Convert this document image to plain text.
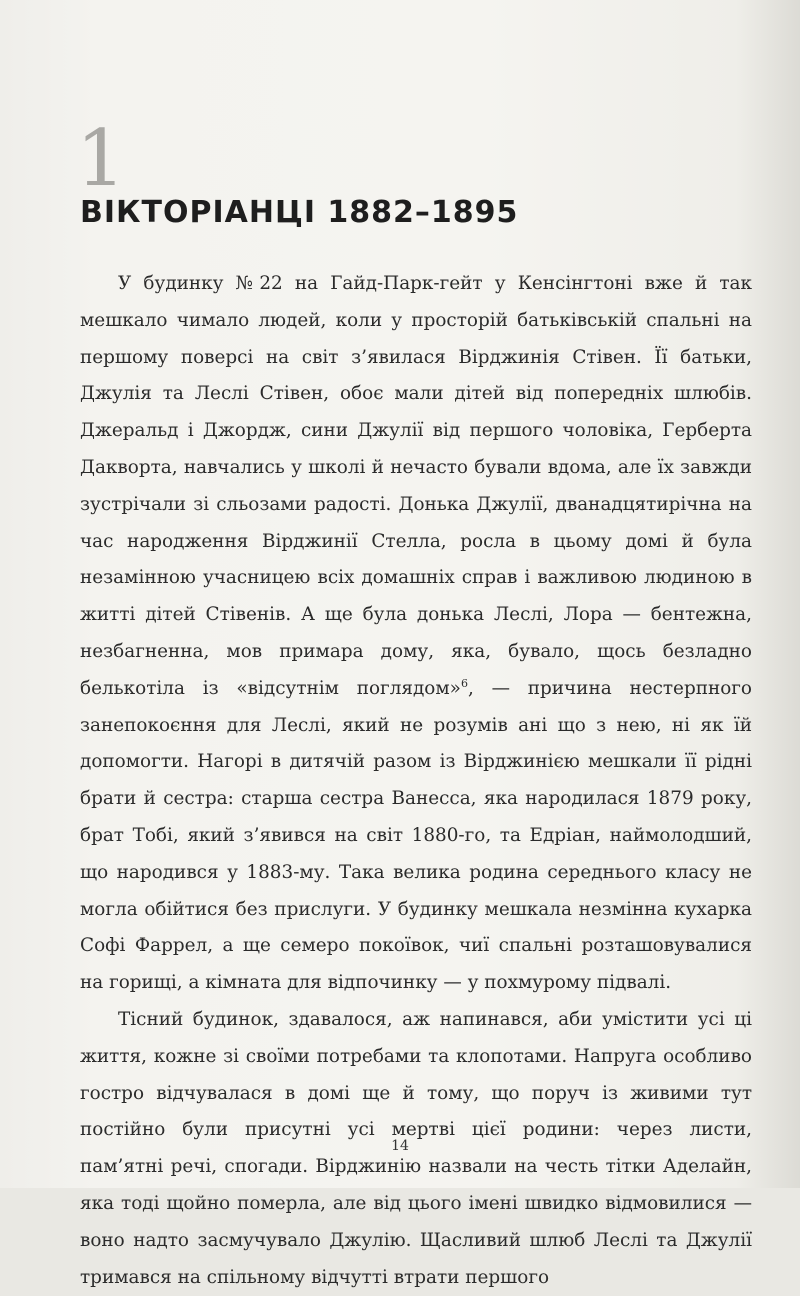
1
ВІКТОРІАНЦІ 1882–1895

У будинку №22 на Гайд-Парк-гейт у Кенсінгтоні вже й так мешкало чимало людей, коли у просторій батьківській спальні на першому поверсі на світ з’явилася Вірджинія Стівен. Її батьки, Джулія та Леслі Стівен, обоє мали дітей від попередніх шлюбів. Джеральд і Джордж, сини Джулії від першого чоловіка, Герберта Дакворта, навчались у школі й нечасто бували вдома, але їх завжди зустрічали зі сльозами радості. Донька Джулії, дванадцятирічна на час народження Вірджинії Стелла, росла в цьому домі й була незамінною учасницею всіх домашніх справ і важливою людиною в житті дітей Стівенів. А ще була донька Леслі, Лора — бентежна, незбагненна, мов примара дому, яка, бувало, щось безладно белькотіла із «відсутнім поглядом»$^6$, — причина нестерпного занепокоєння для Леслі, який не розумів ані що з нею, ні як їй допомогти. Нагорі в дитячій разом із Вірджинією мешкали її рідні брати й сестра: старша сестра Ванесса, яка народилася 1879 року, брат Тобі, який з’явився на світ 1880-го, та Едріан, наймолодший, що народився у 1883-му. Така велика родина середнього класу не могла обійтися без прислуги. У будинку мешкала незмінна кухарка Софі Фаррел, а ще семеро покоївок, чиї спальні розташовувалися на горищі, а кімната для відпочинку — у похмурому підвалі.

Тісний будинок, здавалося, аж напинався, аби умістити усі ці життя, кожне зі своїми потребами та клопотами. Напруга особливо гостро відчувалася в домі ще й тому, що поруч із живими тут постійно були присутні усі мертві цієї родини: через листи, пам’ятні речі, спогади. Вірджинію назвали на честь тітки Аделайн, яка тоді щойно померла, але від цього імені швидко відмовилися — воно надто засмучувало Джулію. Щасливий шлюб Леслі та Джулії тримався на спільному відчутті втрати першого

14
